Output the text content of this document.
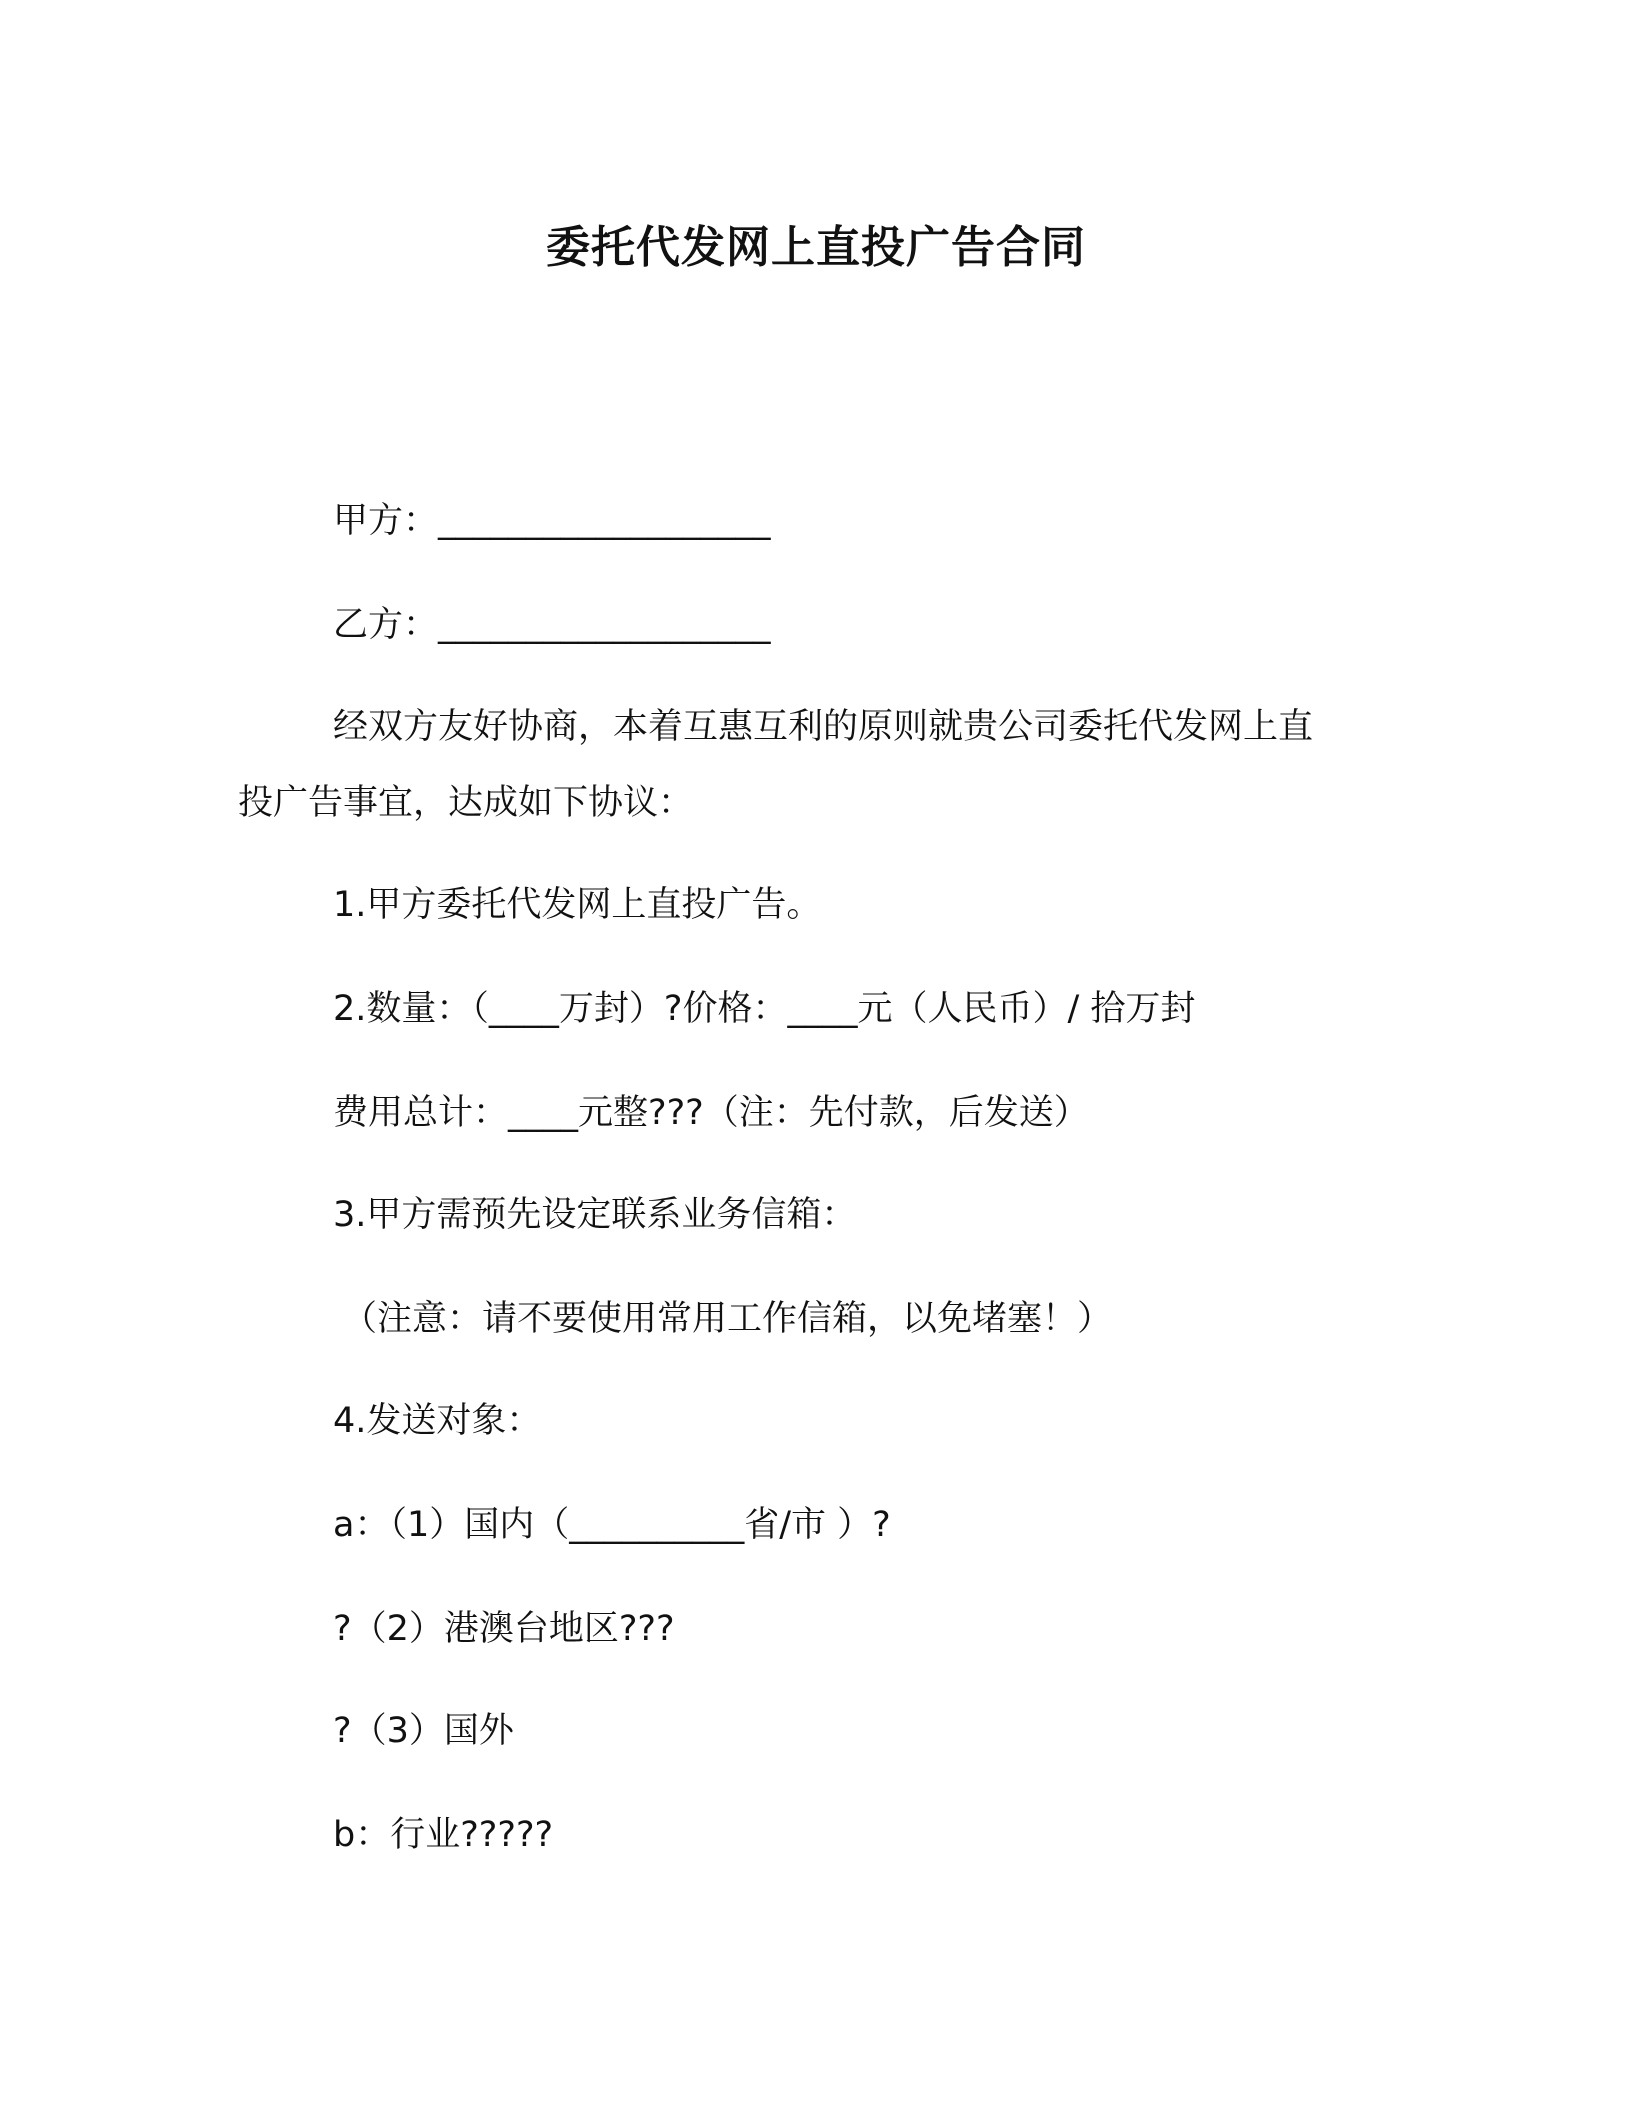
委托代发网上直投广告合同
甲方：___________________
乙方：___________________
经双方友好协商，本着互惠互利的原则就贵公司委托代发网上直
投广告事宜，达成如下协议：
1.甲方委托代发网上直投广告。
2.数量：（____万封）?价格：____元（人民币）/ 拾万封
费用总计：____元整???（注：先付款，后发送）
3.甲方需预先设定联系业务信箱：
（注意：请不要使用常用工作信箱，以免堵塞！）
4.发送对象：
a：（1）国内（__________省/市 ）?
?（2）港澳台地区???
?（3）国外
b：行业?????
